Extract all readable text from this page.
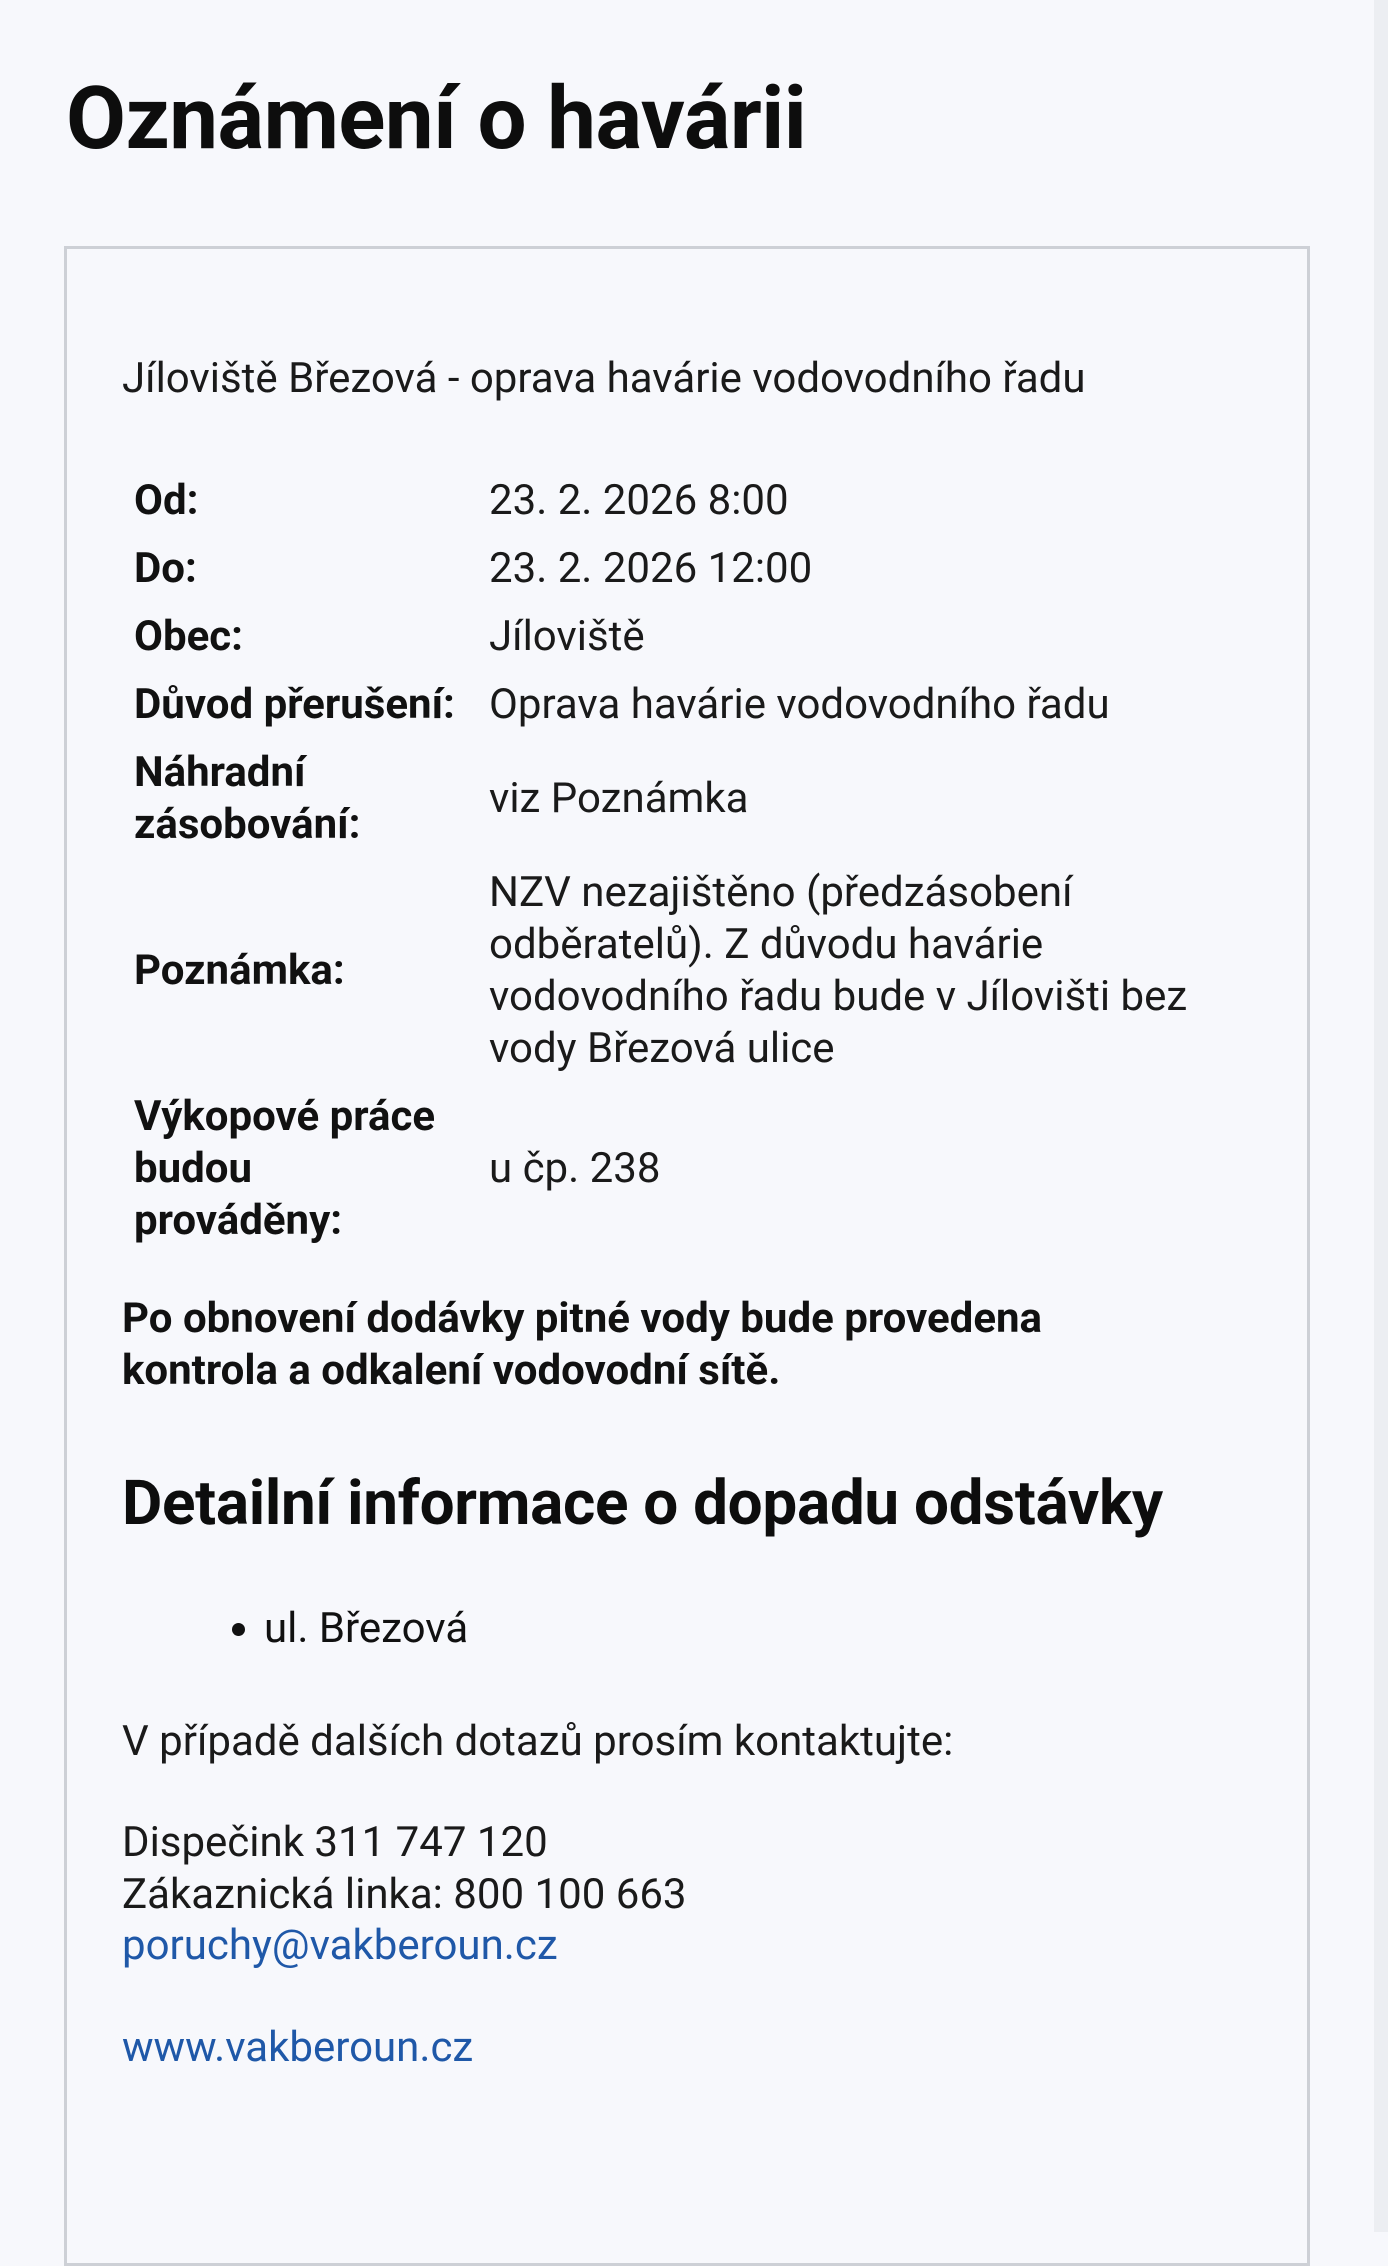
Oznámení o havárii
Jíloviště Březová - oprava havárie vodovodního řadu
Od:	23. 2. 2026 8:00
Do:	23. 2. 2026 12:00
Obec:	Jíloviště
Důvod přerušení:	Oprava havárie vodovodního řadu
Náhradní zásobování:	viz Poznámka
Poznámka:	NZV nezajištěno (předzásobení odběratelů). Z důvodu havárie vodovodního řadu bude v Jílovišti bez vody Březová ulice
Výkopové práce budou prováděny:	u čp. 238
Po obnovení dodávky pitné vody bude provedena kontrola a odkalení vodovodní sítě.
Detailní informace o dopadu odstávky
• ul. Březová
V případě dalších dotazů prosím kontaktujte:
Dispečink 311 747 120
Zákaznická linka: 800 100 663
poruchy@vakberoun.cz
www.vakberoun.cz
